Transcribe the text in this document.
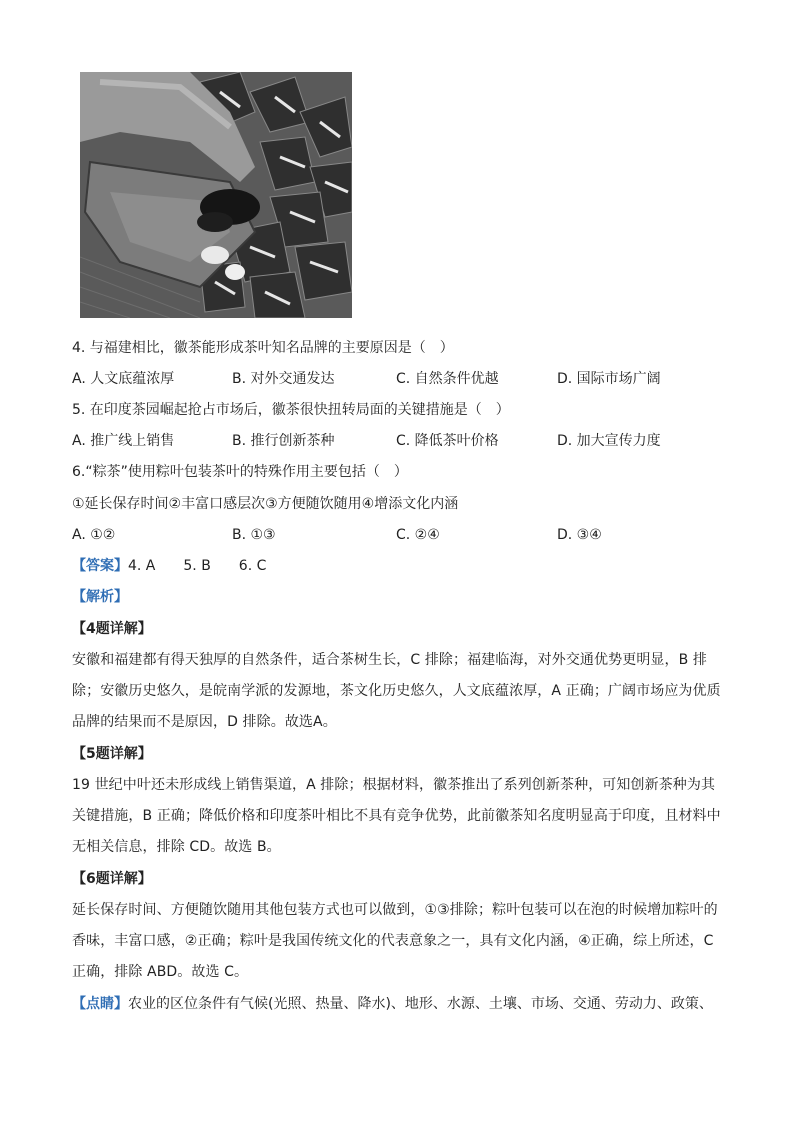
4. 与福建相比，徽茶能形成茶叶知名品牌的主要原因是（　）
A. 人文底蕴浓厚	B. 对外交通发达	C. 自然条件优越	D. 国际市场广阔
5. 在印度茶园崛起抢占市场后，徽茶很快扭转局面的关键措施是（　）
A. 推广线上销售	B. 推行创新茶种	C. 降低茶叶价格	D. 加大宣传力度
6.“粽茶”使用粽叶包装茶叶的特殊作用主要包括（　）
①延长保存时间②丰富口感层次③方便随饮随用④增添文化内涵
A. ①②	B. ①③	C. ②④	D. ③④
【答案】4. A　　5. B　　6. C
【解析】
【4题详解】
安徽和福建都有得天独厚的自然条件，适合茶树生长，C 排除；福建临海，对外交通优势更明显，B 排除；安徽历史悠久，是皖南学派的发源地，茶文化历史悠久，人文底蕴浓厚，A 正确；广阔市场应为优质品牌的结果而不是原因，D 排除。故选A。
【5题详解】
19 世纪中叶还未形成线上销售渠道，A 排除；根据材料，徽茶推出了系列创新茶种，可知创新茶种为其关键措施，B 正确；降低价格和印度茶叶相比不具有竞争优势，此前徽茶知名度明显高于印度，且材料中无相关信息，排除 CD。故选 B。
【6题详解】
延长保存时间、方便随饮随用其他包装方式也可以做到，①③排除；粽叶包装可以在泡的时候增加粽叶的香味，丰富口感，②正确；粽叶是我国传统文化的代表意象之一，具有文化内涵，④正确，综上所述，C 正确，排除 ABD。故选 C。
【点睛】农业的区位条件有气候(光照、热量、降水)、地形、水源、土壤、市场、交通、劳动力、政策、
